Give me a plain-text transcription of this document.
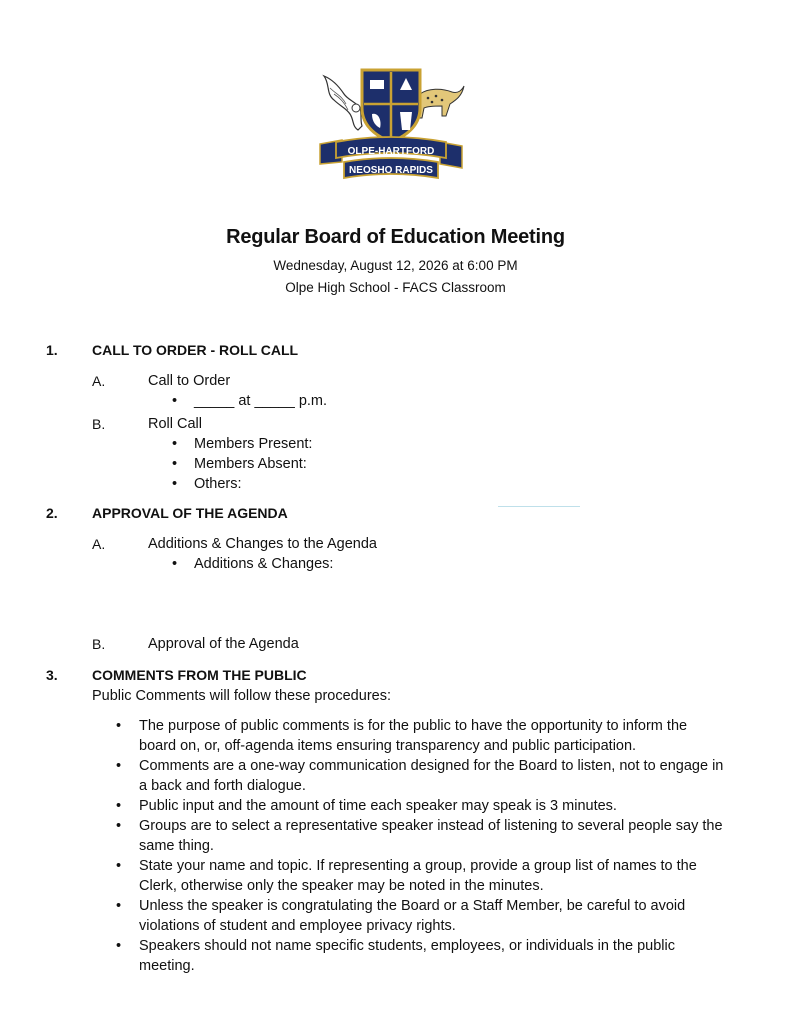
OLPE-HARTFORD
NEOSHO RAPIDS
Regular Board of Education Meeting
Wednesday, August 12, 2026 at 6:00 PM
Olpe High School - FACS Classroom
1. CALL TO ORDER - ROLL CALL
A.	Call to Order
• _____ at _____ p.m.
B.	Roll Call
• Members Present:
• Members Absent:
• Others:
2. APPROVAL OF THE AGENDA
A.	Additions & Changes to the Agenda
• Additions & Changes:
B.	Approval of the Agenda
3. COMMENTS FROM THE PUBLIC
Public Comments will follow these procedures:
• The purpose of public comments is for the public to have the opportunity to inform the board on, or, off-agenda items ensuring transparency and public participation.
• Comments are a one-way communication designed for the Board to listen, not to engage in a back and forth dialogue.
• Public input and the amount of time each speaker may speak is 3 minutes.
• Groups are to select a representative speaker instead of listening to several people say the same thing.
• State your name and topic. If representing a group, provide a group list of names to the Clerk, otherwise only the speaker may be noted in the minutes.
• Unless the speaker is congratulating the Board or a Staff Member, be careful to avoid violations of student and employee privacy rights.
• Speakers should not name specific students, employees, or individuals in the public meeting.
